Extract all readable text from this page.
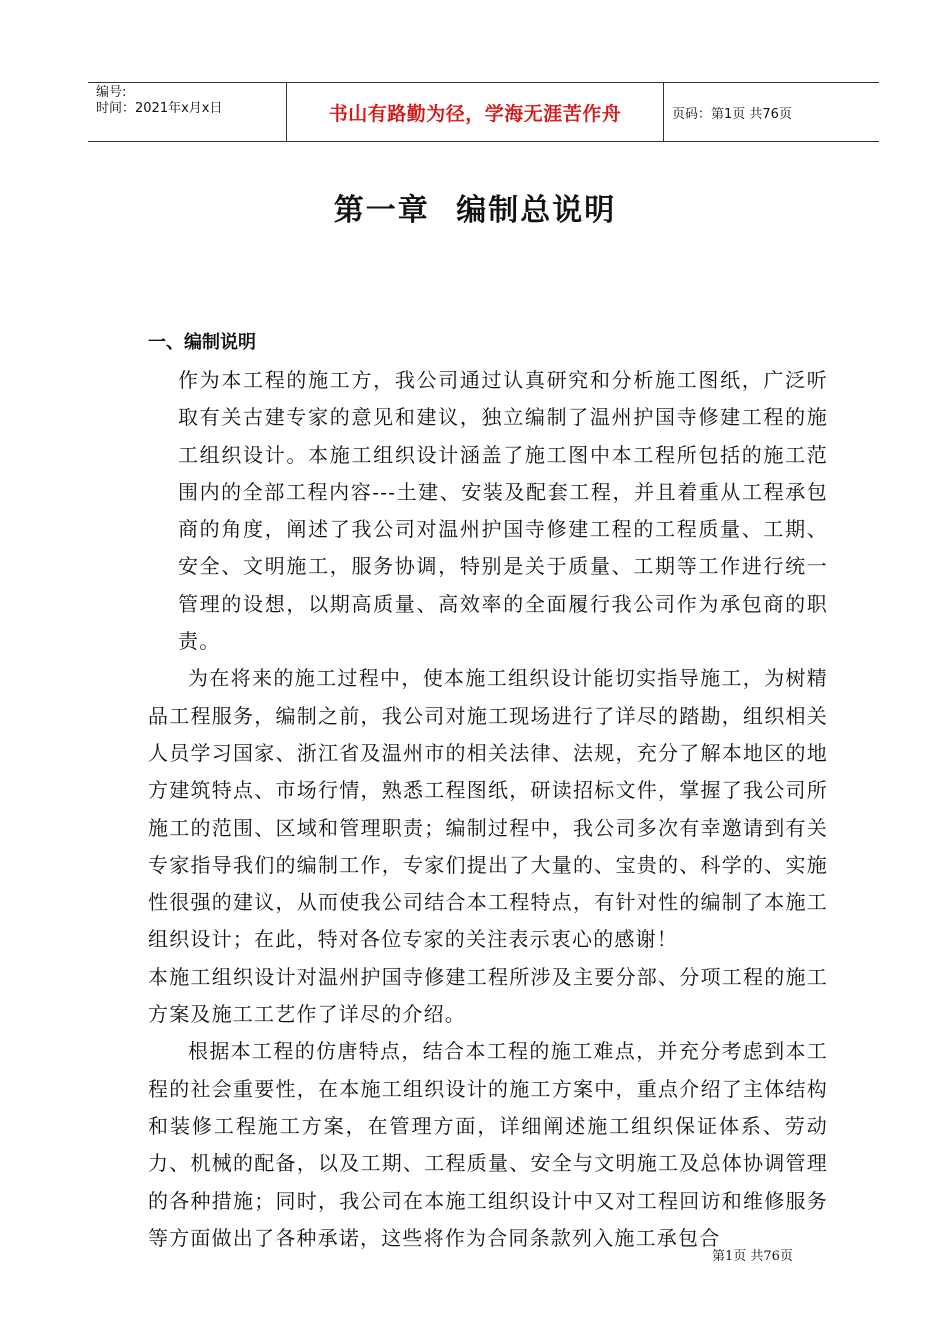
编号:
时间：2021年x月x日	书山有路勤为径，学海无涯苦作舟	页码：第1页 共76页
第一章 编制总说明
一、编制说明

作为本工程的施工方，我公司通过认真研究和分析施工图纸，广泛听取有关古建专家的意见和建议，独立编制了温州护国寺修建工程的施工组织设计。本施工组织设计涵盖了施工图中本工程所包括的施工范围内的全部工程内容---土建、安装及配套工程，并且着重从工程承包商的角度，阐述了我公司对温州护国寺修建工程的工程质量、工期、安全、文明施工，服务协调，特别是关于质量、工期等工作进行统一管理的设想，以期高质量、高效率的全面履行我公司作为承包商的职责。

为在将来的施工过程中，使本施工组织设计能切实指导施工，为树精品工程服务，编制之前，我公司对施工现场进行了详尽的踏勘，组织相关人员学习国家、浙江省及温州市的相关法律、法规，充分了解本地区的地方建筑特点、市场行情，熟悉工程图纸，研读招标文件，掌握了我公司所施工的范围、区域和管理职责；编制过程中，我公司多次有幸邀请到有关专家指导我们的编制工作，专家们提出了大量的、宝贵的、科学的、实施性很强的建议，从而使我公司结合本工程特点，有针对性的编制了本施工组织设计；在此，特对各位专家的关注表示衷心的感谢！

本施工组织设计对温州护国寺修建工程所涉及主要分部、分项工程的施工方案及施工工艺作了详尽的介绍。

根据本工程的仿唐特点，结合本工程的施工难点，并充分考虑到本工程的社会重要性，在本施工组织设计的施工方案中，重点介绍了主体结构和装修工程施工方案，在管理方面，详细阐述施工组织保证体系、劳动力、机械的配备，以及工期、工程质量、安全与文明施工及总体协调管理的各种措施；同时，我公司在本施工组织设计中又对工程回访和维修服务等方面做出了各种承诺，这些将作为合同条款列入施工承包合

第1页 共76页
